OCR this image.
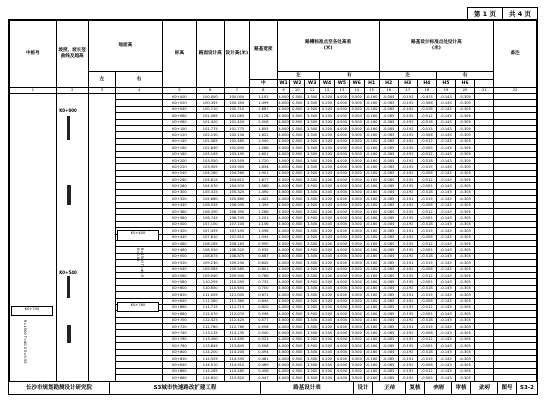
第 1 页	共 4 页
中桩号	坡度、坡长竖曲线及超高	地面高		标高	路面设计高	设计高(米)	路基宽度	路槽标准点至各处高差
(米)							路基设计标准点处设计高
(米)						备注
		左	右					左			右				左			右			
							中	W1	W2	W3	W4	W5	W6	H1	H2	H3	H4	H5	H6		
1	2	3	4	5	6	7	8	9	10	11	12	13	14	15	16	17	18	19	20	21	22
				K0+000	100.000	100.000	1.192	4.000	0.500	3.500	0.200	4.000	0.500	-0.160	-0.085	-0.192	-0.475	-0.145	-0.305		
				K0+020	100.355	100.355	1.499	4.000	0.500	3.500	0.200	4.000	0.500	-0.160	-0.085	-0.192	-0.506	-0.145	-0.305		
				K0+040	100.710	100.710	1.887	4.000	0.500	3.500	0.200	4.000	0.500	-0.160	-0.085	-0.192	-0.518	-0.145	-0.305		
				K0+060	101.065	101.065	2.126	4.000	0.500	3.500	0.200	4.000	0.500	-0.160	-0.085	-0.192	-0.512	-0.145	-0.305		
				K0+080	101.420	101.420	2.008	4.000	0.500	3.500	0.200	4.000	0.500	-0.160	-0.085	-0.192	-0.518	-0.145	-0.305		
				K0+100	101.775	101.775	1.855	4.000	0.500	3.500	0.200	4.000	0.500	-0.160	-0.085	-0.192	-0.515	-0.145	-0.305		
				K0+120	102.130	102.130	1.622	4.000	0.500	3.500	0.200	4.000	0.500	-0.160	-0.085	-0.192	-0.506	-0.145	-0.305		
				K0+140	102.485	102.485	1.540	4.000	0.500	3.500	0.200	4.000	0.500	-0.160	-0.085	-0.192	-0.512	-0.145	-0.305		
				K0+160	102.840	102.840	1.588	4.000	0.500	3.500	0.200	4.000	0.500	-0.160	-0.085	-0.192	-0.505	-0.145	-0.305		
				K0+180	103.195	103.195	1.601	4.000	0.500	3.500	0.200	4.000	0.500	-0.160	-0.085	-0.192	-0.512	-0.145	-0.305		
				K0+200	103.550	103.550	1.720	4.000	0.500	3.500	0.200	4.000	0.500	-0.160	-0.085	-0.192	-0.518	-0.145	-0.305		
				K0+220	103.905	103.905	1.834	4.000	0.500	3.500	0.200	4.000	0.500	-0.160	-0.085	-0.192	-0.515	-0.145	-0.305		
				K0+240	104.260	104.260	1.901	4.000	0.500	3.500	0.200	4.000	0.500	-0.160	-0.085	-0.192	-0.506	-0.145	-0.305		
				K0+260	104.615	104.615	1.677	4.000	0.500	3.500	0.200	4.000	0.500	-0.160	-0.085	-0.192	-0.512	-0.145	-0.305		
				K0+280	104.970	104.970	1.580	4.000	0.500	3.500	0.200	4.000	0.500	-0.160	-0.085	-0.192	-0.505	-0.145	-0.305		
				K0+300	105.325	105.325	1.490	4.000	0.500	3.500	0.200	4.000	0.500	-0.160	-0.085	-0.192	-0.518	-0.145	-0.305		
				K0+320	105.680	105.680	1.402	4.000	0.500	3.500	0.200	4.000	0.500	-0.160	-0.085	-0.192	-0.515	-0.145	-0.305		
				K0+340	106.035	106.035	1.355	4.000	0.500	3.500	0.200	4.000	0.500	-0.160	-0.085	-0.192	-0.506	-0.145	-0.305		
				K0+360	106.390	106.390	1.288	4.000	0.500	3.500	0.200	4.000	0.500	-0.160	-0.085	-0.192	-0.512	-0.145	-0.305		
				K0+380	106.745	106.745	1.201	4.000	0.500	3.500	0.200	4.000	0.500	-0.160	-0.085	-0.192	-0.505	-0.145	-0.305		
				K0+400	107.100	107.100	1.156	4.000	0.500	3.500	0.200	4.000	0.500	-0.160	-0.085	-0.192	-0.518	-0.145	-0.305		
				K0+420	107.455	107.455	1.098	4.000	0.500	3.500	0.200	4.000	0.500	-0.160	-0.085	-0.192	-0.515	-0.145	-0.305		
				K0+440	107.810	107.810	1.044	4.000	0.500	3.500	0.200	4.000	0.500	-0.160	-0.085	-0.192	-0.506	-0.145	-0.305		
				K0+460	108.165	108.165	0.990	4.000	0.500	3.500	0.200	4.000	0.500	-0.160	-0.085	-0.192	-0.512	-0.145	-0.305		
				K0+480	108.520	108.520	0.935	4.000	0.500	3.500	0.200	4.000	0.500	-0.160	-0.085	-0.192	-0.505	-0.145	-0.305		
				K0+500	108.875	108.875	0.887	4.000	0.500	3.500	0.200	4.000	0.500	-0.160	-0.085	-0.192	-0.518	-0.145	-0.305		
				K0+520	109.230	109.230	0.842	4.000	0.500	3.500	0.200	4.000	0.500	-0.160	-0.085	-0.192	-0.515	-0.145	-0.305		
				K0+540	109.585	109.585	0.801	4.000	0.500	3.500	0.200	4.000	0.500	-0.160	-0.085	-0.192	-0.506	-0.145	-0.305		
				K0+560	109.940	109.940	0.766	4.000	0.500	3.500	0.200	4.000	0.500	-0.160	-0.085	-0.192	-0.512	-0.145	-0.305		
				K0+580	110.295	110.295	0.732	4.000	0.500	3.500	0.200	4.000	0.500	-0.160	-0.085	-0.192	-0.505	-0.145	-0.305		
				K0+600	110.650	110.650	0.700	4.000	0.500	3.500	0.200	4.000	0.500	-0.160	-0.085	-0.192	-0.518	-0.145	-0.305		
				K0+620	111.005	111.005	0.671	4.000	0.500	3.500	0.200	4.000	0.500	-0.160	-0.085	-0.192	-0.515	-0.145	-0.305		
				K0+640	111.360	111.360	0.645	4.000	0.500	3.500	0.200	4.000	0.500	-0.160	-0.085	-0.192	-0.506	-0.145	-0.305		
				K0+660	111.715	111.715	0.620	4.000	0.500	3.500	0.200	4.000	0.500	-0.160	-0.085	-0.192	-0.512	-0.145	-0.305		
				K0+680	112.070	112.070	0.598	4.000	0.500	3.500	0.200	4.000	0.500	-0.160	-0.085	-0.192	-0.505	-0.145	-0.305		
				K0+700	112.425	112.425	0.577	4.000	0.500	3.500	0.200	4.000	0.500	-0.160	-0.085	-0.192	-0.518	-0.145	-0.305		
				K0+720	112.780	112.780	0.558	4.000	0.500	3.500	0.200	4.000	0.500	-0.160	-0.085	-0.192	-0.515	-0.145	-0.305		
				K0+740	113.135	113.135	0.540	4.000	0.500	3.500	0.200	4.000	0.500	-0.160	-0.085	-0.192	-0.506	-0.145	-0.305		
				K0+760	113.490	113.490	0.523	4.000	0.500	3.500	0.200	4.000	0.500	-0.160	-0.085	-0.192	-0.512	-0.145	-0.305		
				K0+780	113.845	113.845	0.508	4.000	0.500	3.500	0.200	4.000	0.500	-0.160	-0.085	-0.192	-0.505	-0.145	-0.305		
				K0+800	114.200	114.200	0.494	4.000	0.500	3.500	0.200	4.000	0.500	-0.160	-0.085	-0.192	-0.518	-0.145	-0.305		
				K0+820	114.555	114.555	0.481	4.000	0.500	3.500	0.200	4.000	0.500	-0.160	-0.085	-0.192	-0.515	-0.145	-0.305		
				K0+840	114.910	114.910	0.469	4.000	0.500	3.500	0.200	4.000	0.500	-0.160	-0.085	-0.192	-0.506	-0.145	-0.305		
				K0+860	115.265	115.265	0.458	4.000	0.500	3.500	0.200	4.000	0.500	-0.160	-0.085	-0.192	-0.512	-0.145	-0.305		
				K0+880	115.620	115.620	0.447	4.000	0.500	3.500	0.200	4.000	0.500	-0.160	-0.085	-0.192	-0.505	-0.145	-0.305		
K0+000
K0+540
K0+400
R=1500 T=40.5 E=0.55
K0+760
K0+700
R=1500 T=40.5 E=0.55
长沙市规划勘测设计研究院	S3城市快速路改扩建工程	路基设计表	设计	王伟	复核	李刚	审核	张明	图号	S3-2
